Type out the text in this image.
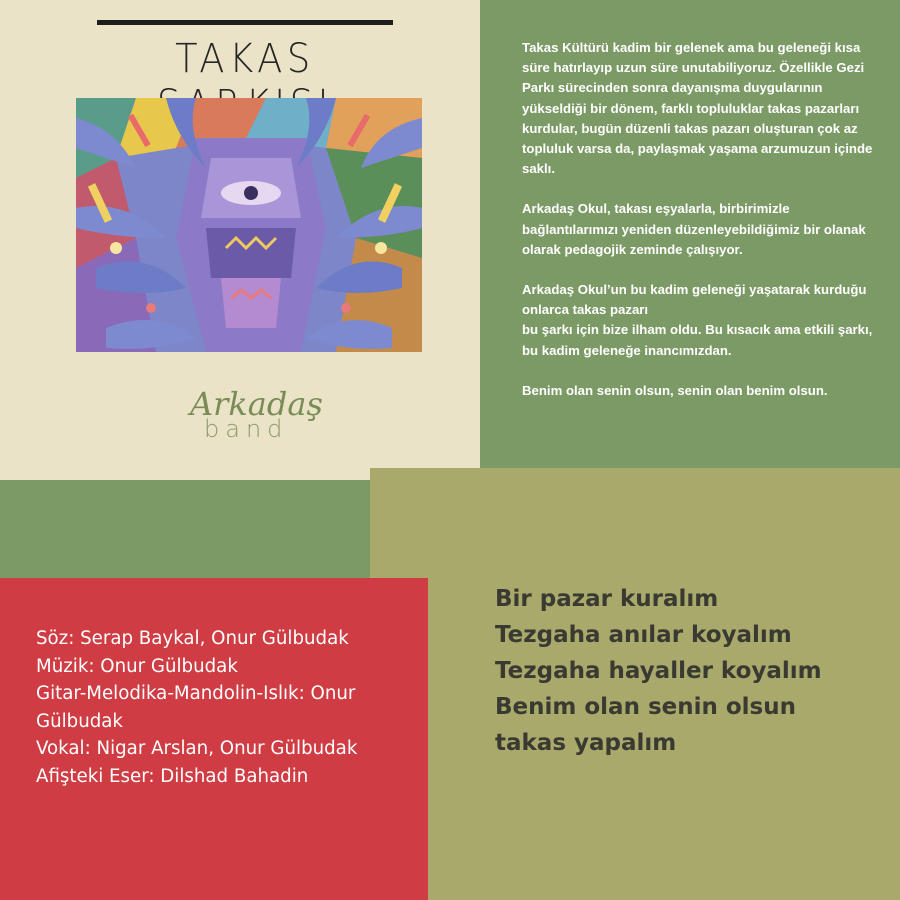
TAKAS
Arkadaş
band

Takas Kültürü kadim bir gelenek ama bu geleneği kısa süre hatırlayıp uzun süre unutabiliyoruz. Özellikle Gezi Parkı sürecinden sonra dayanışma duygularının yükseldiği bir dönem, farklı topluluklar takas pazarları kurdular, bugün düzenli takas pazarı oluşturan çok az topluluk varsa da, paylaşmak yaşama arzumuzun içinde saklı.

Arkadaş Okul, takası eşyalarla, birbirimizle bağlantılarımızı yeniden düzenleyebildiğimiz bir olanak olarak pedagojik zeminde çalışıyor.

Arkadaş Okul’un bu kadim geleneği yaşatarak kurduğu onlarca takas pazarı

bu şarkı için bize ilham oldu. Bu kısacık ama etkili şarkı, bu kadim geleneğe inancımızdan.

Benim olan senin olsun, senin olan benim olsun.

Söz: Serap Baykal, Onur Gülbudak
Müzik: Onur Gülbudak
Gitar-Melodika-Mandolin-Islık: Onur Gülbudak
Vokal: Nigar Arslan, Onur Gülbudak
Afişteki Eser: Dilshad Bahadin
Bir pazar kuralım
Tezgaha anılar koyalım
Tezgaha hayaller koyalım
Benim olan senin olsun
takas yapalım
